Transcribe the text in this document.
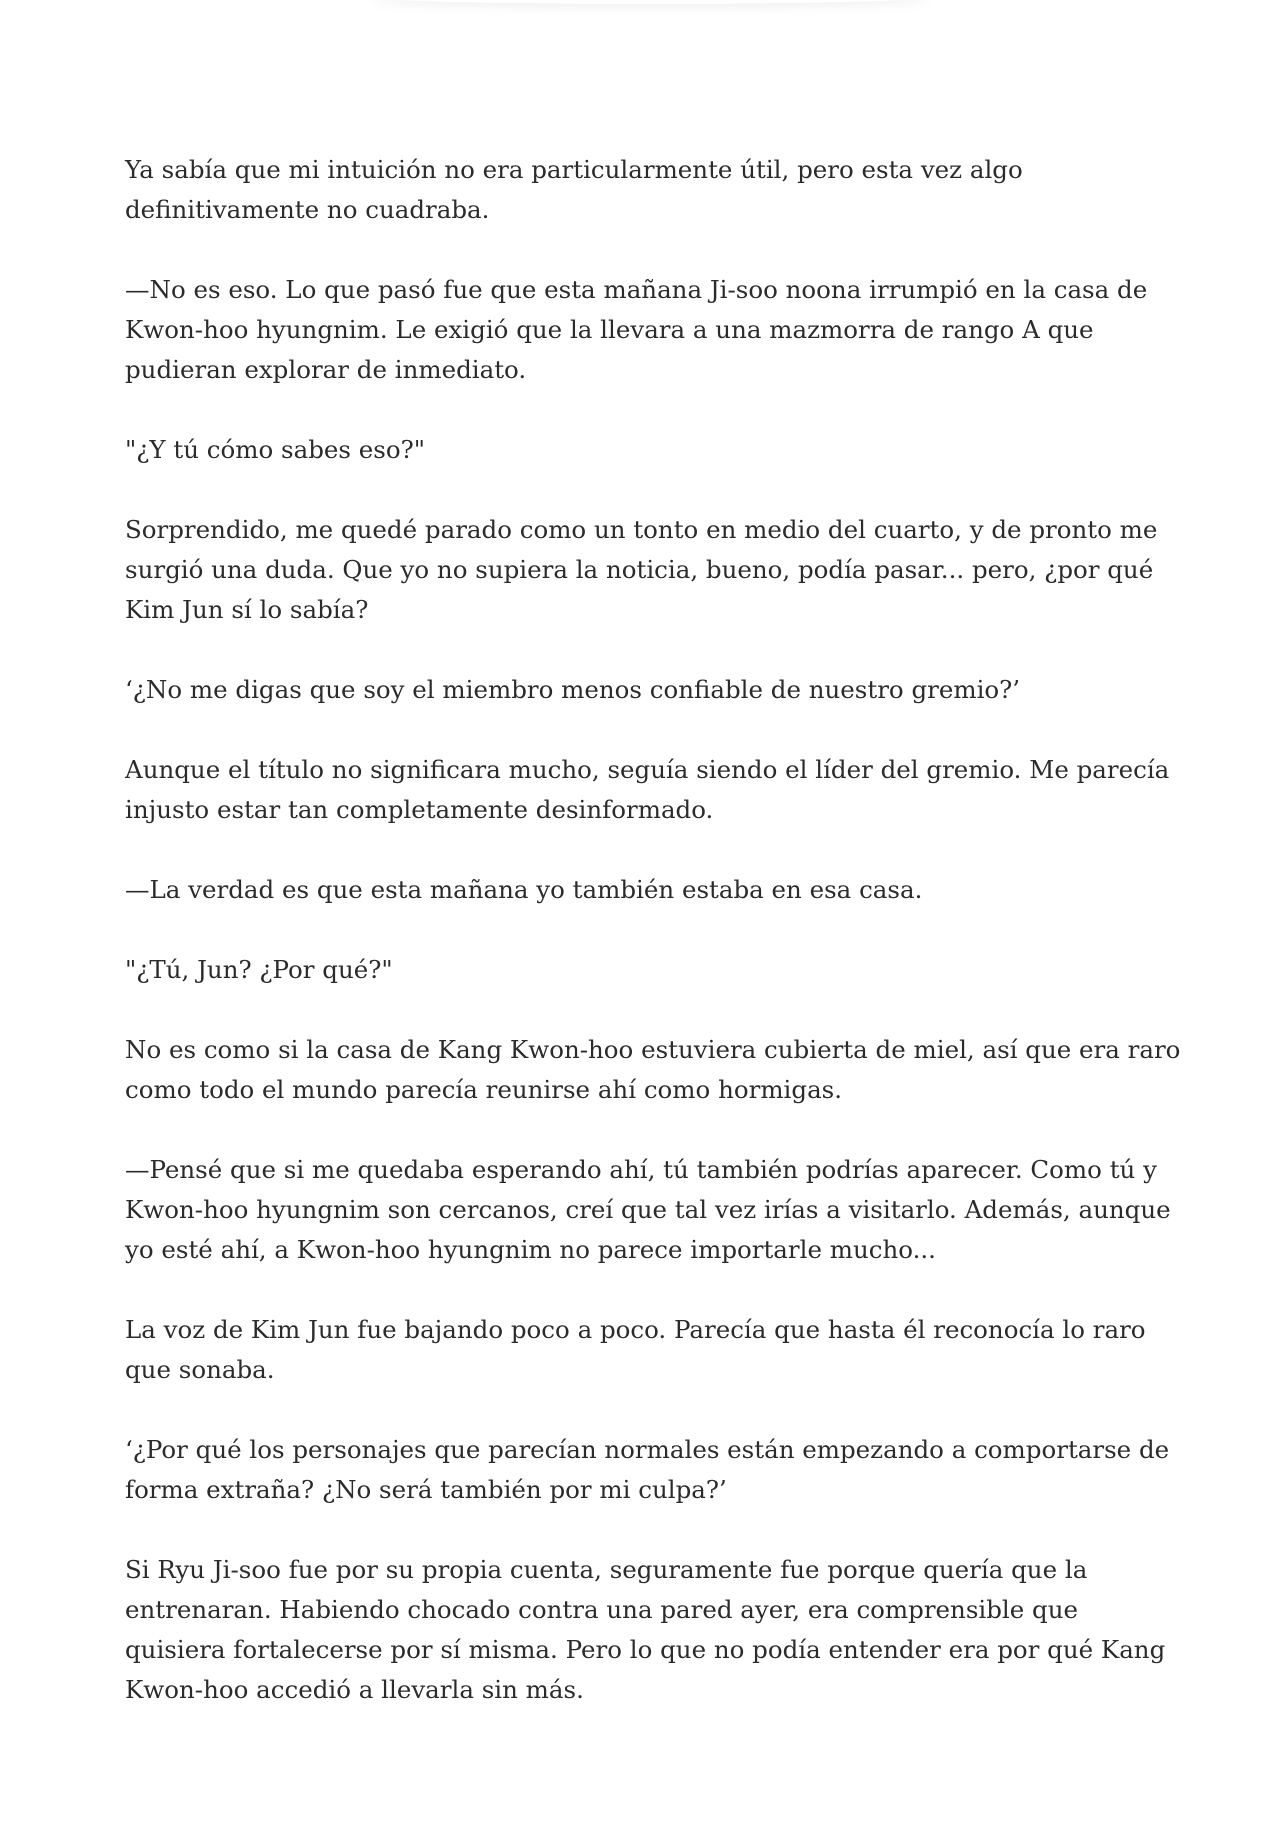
Ya sabía que mi intuición no era particularmente útil, pero esta vez algo definitivamente no cuadraba.

—No es eso. Lo que pasó fue que esta mañana Ji-soo noona irrumpió en la casa de Kwon-hoo hyungnim. Le exigió que la llevara a una mazmorra de rango A que pudieran explorar de inmediato.

"¿Y tú cómo sabes eso?"

Sorprendido, me quedé parado como un tonto en medio del cuarto, y de pronto me surgió una duda. Que yo no supiera la noticia, bueno, podía pasar... pero, ¿por qué Kim Jun sí lo sabía?

‘¿No me digas que soy el miembro menos confiable de nuestro gremio?’

Aunque el título no significara mucho, seguía siendo el líder del gremio. Me parecía injusto estar tan completamente desinformado.

—La verdad es que esta mañana yo también estaba en esa casa.

"¿Tú, Jun? ¿Por qué?"

No es como si la casa de Kang Kwon-hoo estuviera cubierta de miel, así que era raro como todo el mundo parecía reunirse ahí como hormigas.

—Pensé que si me quedaba esperando ahí, tú también podrías aparecer. Como tú y Kwon-hoo hyungnim son cercanos, creí que tal vez irías a visitarlo. Además, aunque yo esté ahí, a Kwon-hoo hyungnim no parece importarle mucho...

La voz de Kim Jun fue bajando poco a poco. Parecía que hasta él reconocía lo raro que sonaba.

‘¿Por qué los personajes que parecían normales están empezando a comportarse de forma extraña? ¿No será también por mi culpa?’

Si Ryu Ji-soo fue por su propia cuenta, seguramente fue porque quería que la entrenaran. Habiendo chocado contra una pared ayer, era comprensible que quisiera fortalecerse por sí misma. Pero lo que no podía entender era por qué Kang Kwon-hoo accedió a llevarla sin más.
